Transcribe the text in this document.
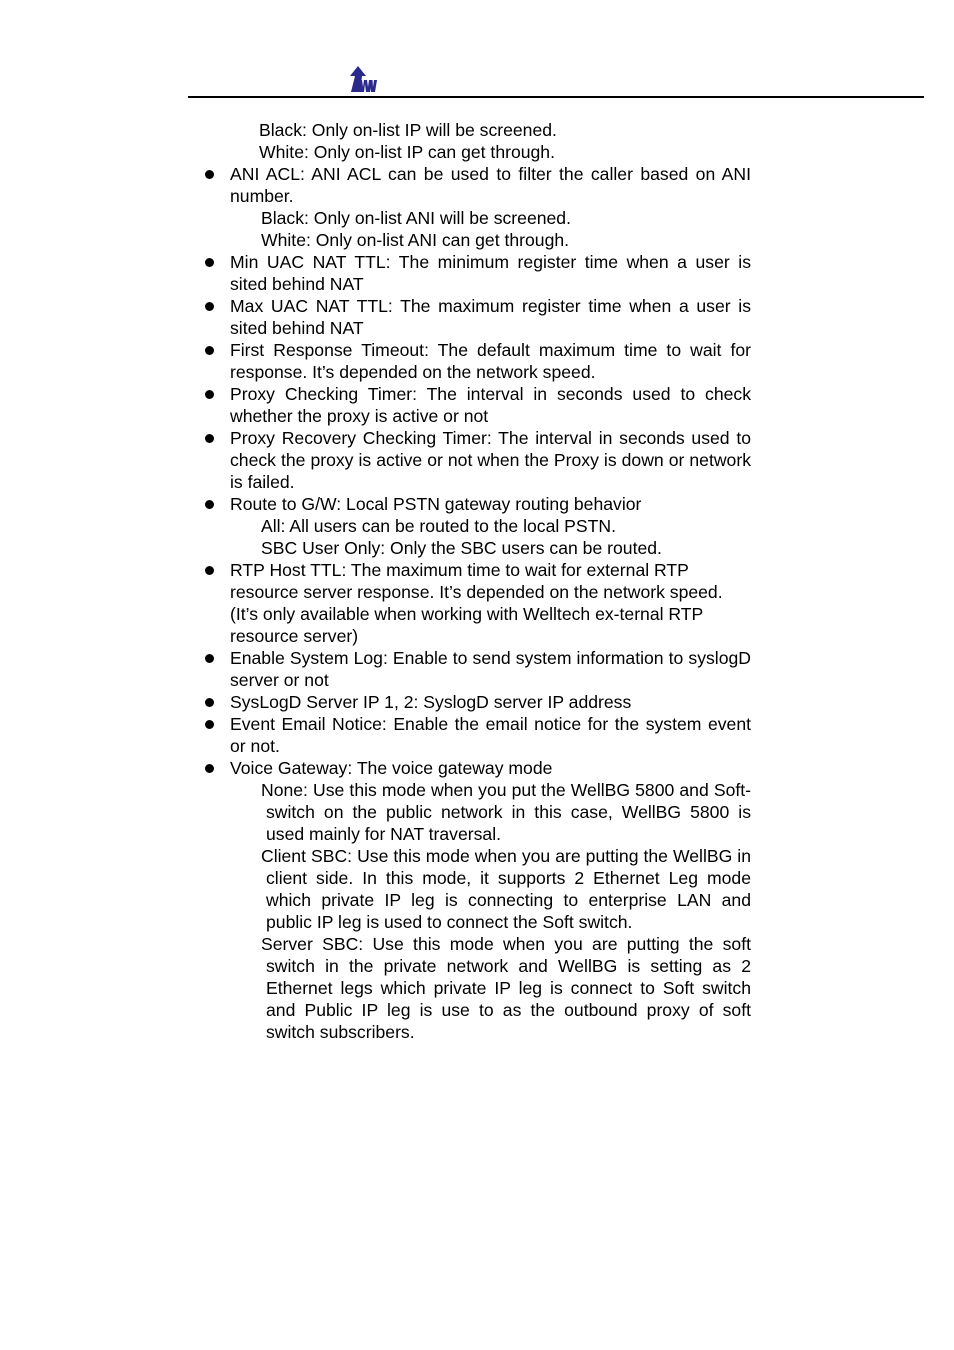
Black: Only on-list IP will be screened.
White: Only on-list IP can get through.
ANI ACL: ANI ACL can be used to filter the caller based on ANI number.
Black: Only on-list ANI will be screened.
White: Only on-list ANI can get through.
Min UAC NAT TTL: The minimum register time when a user is sited behind NAT
Max UAC NAT TTL: The maximum register time when a user is sited behind NAT
First Response Timeout: The default maximum time to wait for response. It’s depended on the network speed.
Proxy Checking Timer: The interval in seconds used to check whether the proxy is active or not
Proxy Recovery Checking Timer: The interval in seconds used to check the proxy is active or not when the Proxy is down or network is failed.
Route to G/W: Local PSTN gateway routing behavior
All: All users can be routed to the local PSTN.
SBC User Only: Only the SBC users can be routed.
RTP Host TTL: The maximum time to wait for external RTP resource server response. It’s depended on the network speed. (It’s only available when working with Welltech ex-ternal RTP resource server)
Enable System Log: Enable to send system information to syslogD server or not
SysLogD Server IP 1, 2: SyslogD server IP address
Event Email Notice: Enable the email notice for the system event or not.
Voice Gateway: The voice gateway mode
None: Use this mode when you put the WellBG 5800 and Soft-switch on the public network in this case, WellBG 5800 is used mainly for NAT traversal.
Client SBC: Use this mode when you are putting the WellBG in client side. In this mode, it supports 2 Ethernet Leg mode which private IP leg is connecting to enterprise LAN and public IP leg is used to connect the Soft switch.
Server SBC: Use this mode when you are putting the soft switch in the private network and WellBG is setting as 2 Ethernet legs which private IP leg is connect to Soft switch and Public IP leg is use to as the outbound proxy of soft switch subscribers.
